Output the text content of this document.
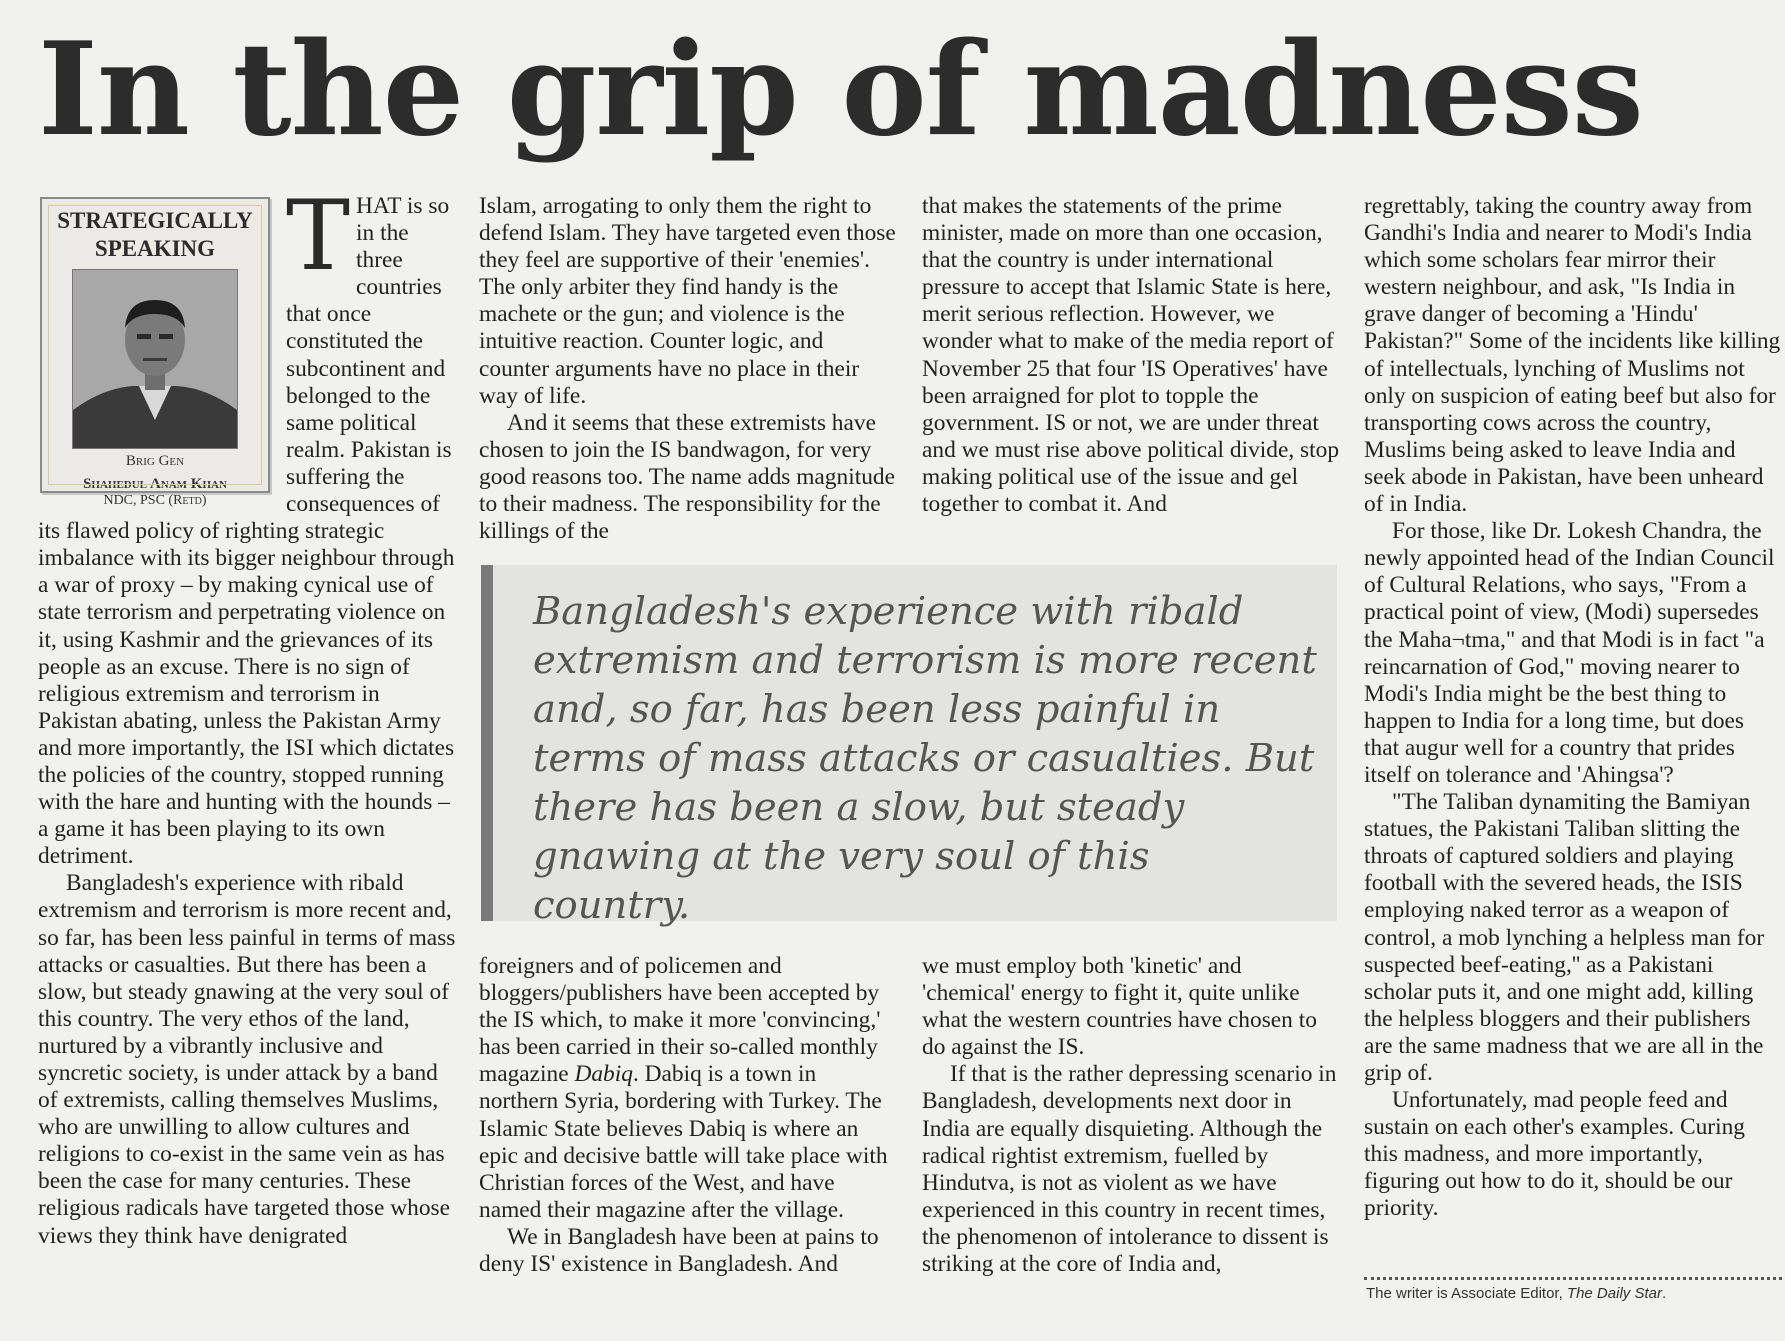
In the grip of madness
STRATEGICALLY
SPEAKING
Brig Gen
Shahedul Anam Khan
NDC, PSC (Retd)

THAT is so in the three countries that once constituted the subcontinent and belonged to the same political realm. Pakistan is suffering the consequences of its flawed policy of righting strategic imbalance with its bigger neighbour through a war of proxy – by making cynical use of state terrorism and perpetrating violence on it, using Kashmir and the grievances of its people as an excuse. There is no sign of religious extremism and terrorism in Pakistan abating, unless the Pakistan Army and more importantly, the ISI which dictates the policies of the country, stopped running with the hare and hunting with the hounds – a game it has been playing to its own detriment.

Bangladesh's experience with ribald extremism and terrorism is more recent and, so far, has been less painful in terms of mass attacks or casualties. But there has been a slow, but steady gnawing at the very soul of this country. The very ethos of the land, nurtured by a vibrantly inclusive and syncretic society, is under attack by a band of extremists, calling themselves Muslims, who are unwilling to allow cultures and religions to co-exist in the same vein as has been the case for many centuries. These religious radicals have targeted those whose views they think have denigrated

Islam, arrogating to only them the right to defend Islam. They have targeted even those they feel are supportive of their 'enemies'. The only arbiter they find handy is the machete or the gun; and violence is the intuitive reaction. Counter logic, and counter arguments have no place in their way of life.

And it seems that these extremists have chosen to join the IS bandwagon, for very good reasons too. The name adds magnitude to their madness. The responsibility for the killings of the

that makes the statements of the prime minister, made on more than one occasion, that the country is under international pressure to accept that Islamic State is here, merit serious reflection. However, we wonder what to make of the media report of November 25 that four 'IS Operatives' have been arraigned for plot to topple the government. IS or not, we are under threat and we must rise above political divide, stop making political use of the issue and gel together to combat it. And

Bangladesh's experience with ribald extremism and terrorism is more recent and, so far, has been less painful in terms of mass attacks or casualties. But there has been a slow, but steady gnawing at the very soul of this country.

foreigners and of policemen and bloggers/publishers have been accepted by the IS which, to make it more 'convincing,' has been carried in their so-called monthly magazine Dabiq. Dabiq is a town in northern Syria, bordering with Turkey. The Islamic State believes Dabiq is where an epic and decisive battle will take place with Christian forces of the West, and have named their magazine after the village.

We in Bangladesh have been at pains to deny IS' existence in Bangladesh. And

we must employ both 'kinetic' and 'chemical' energy to fight it, quite unlike what the western countries have chosen to do against the IS.

If that is the rather depressing scenario in Bangladesh, developments next door in India are equally disquieting. Although the radical rightist extremism, fuelled by Hindutva, is not as violent as we have experienced in this country in recent times, the phenomenon of intolerance to dissent is striking at the core of India and,

regrettably, taking the country away from Gandhi's India and nearer to Modi's India which some scholars fear mirror their western neighbour, and ask, "Is India in grave danger of becoming a 'Hindu' Pakistan?" Some of the incidents like killing of intellectuals, lynching of Muslims not only on suspicion of eating beef but also for transporting cows across the country, Muslims being asked to leave India and seek abode in Pakistan, have been unheard of in India.

For those, like Dr. Lokesh Chandra, the newly appointed head of the Indian Council of Cultural Relations, who says, "From a practical point of view, (Modi) supersedes the Maha¬tma," and that Modi is in fact "a reincarnation of God," moving nearer to Modi's India might be the best thing to happen to India for a long time, but does that augur well for a country that prides itself on tolerance and 'Ahingsa'?

"The Taliban dynamiting the Bamiyan statues, the Pakistani Taliban slitting the throats of captured soldiers and playing football with the severed heads, the ISIS employing naked terror as a weapon of control, a mob lynching a helpless man for suspected beef-eating,'' as a Pakistani scholar puts it, and one might add, killing the helpless bloggers and their publishers are the same madness that we are all in the grip of.

Unfortunately, mad people feed and sustain on each other's examples. Curing this madness, and more importantly, figuring out how to do it, should be our priority.

The writer is Associate Editor, The Daily Star.
